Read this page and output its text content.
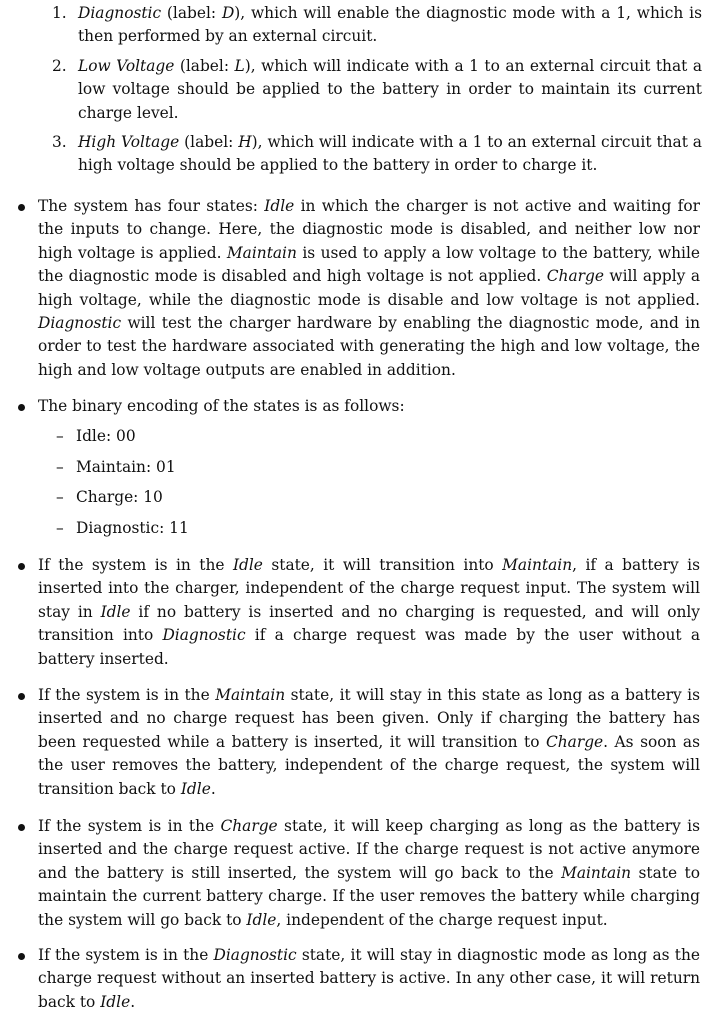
1. Diagnostic (label: D), which will enable the diagnostic mode with a 1, which is then performed by an external circuit.
2. Low Voltage (label: L), which will indicate with a 1 to an external circuit that a low voltage should be applied to the battery in order to maintain its current charge level.
3. High Voltage (label: H), which will indicate with a 1 to an external circuit that a high voltage should be applied to the battery in order to charge it.
The system has four states: Idle in which the charger is not active and waiting for the inputs to change. Here, the diagnostic mode is disabled, and neither low nor high voltage is applied. Maintain is used to apply a low voltage to the battery, while the diagnostic mode is disabled and high voltage is not applied. Charge will apply a high voltage, while the diagnostic mode is disable and low voltage is not applied. Diagnostic will test the charger hardware by enabling the diagnostic mode, and in order to test the hardware associated with generating the high and low voltage, the high and low voltage outputs are enabled in addition.
The binary encoding of the states is as follows:
– Idle: 00
– Maintain: 01
– Charge: 10
– Diagnostic: 11
If the system is in the Idle state, it will transition into Maintain, if a battery is inserted into the charger, independent of the charge request input. The system will stay in Idle if no battery is inserted and no charging is requested, and will only transition into Diagnostic if a charge request was made by the user without a battery inserted.
If the system is in the Maintain state, it will stay in this state as long as a battery is inserted and no charge request has been given. Only if charging the battery has been requested while a battery is inserted, it will transition to Charge. As soon as the user removes the battery, independent of the charge request, the system will transition back to Idle.
If the system is in the Charge state, it will keep charging as long as the battery is inserted and the charge request active. If the charge request is not active anymore and the battery is still inserted, the system will go back to the Maintain state to maintain the current battery charge. If the user removes the battery while charging the system will go back to Idle, independent of the charge request input.
If the system is in the Diagnostic state, it will stay in diagnostic mode as long as the charge request without an inserted battery is active. In any other case, it will return back to Idle.
